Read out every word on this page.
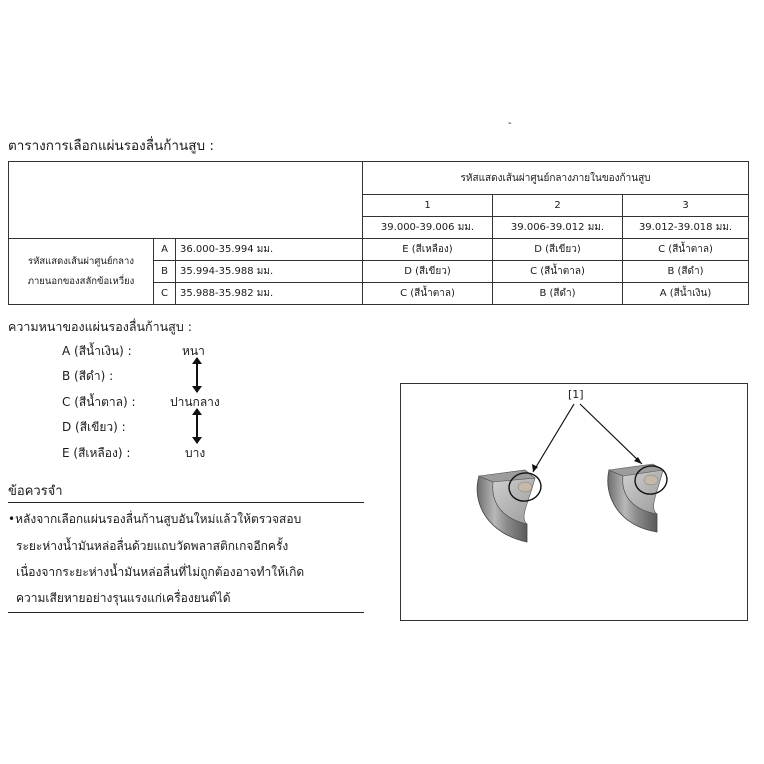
-
ตารางการเลือกแผ่นรองลื่นก้านสูบ :
			รหัสแสดงเส้นผ่าศูนย์กลางภายในของก้านสูบ		
			1	2	3
			39.000-39.006 มม.	39.006-39.012 มม.	39.012-39.018 มม.
รหัสแสดงเส้นผ่าศูนย์กลาง
ภายนอกของสลักข้อเหวี่ยง	A	36.000-35.994 มม.	E (สีเหลือง)	D (สีเขียว)	C (สีน้ำตาล)
	B	35.994-35.988 มม.	D (สีเขียว)	C (สีน้ำตาล)	B (สีดำ)
	C	35.988-35.982 มม.	C (สีน้ำตาล)	B (สีดำ)	A (สีน้ำเงิน)
ความหนาของแผ่นรองลื่นก้านสูบ :
A (สีน้ำเงิน) :
B (สีดำ) :
C (สีน้ำตาล) :
D (สีเขียว) :
E (สีเหลือง) :
หนา
ปานกลาง
บาง
ข้อควรจำ
•หลังจากเลือกแผ่นรองลื่นก้านสูบอันใหม่แล้วให้ตรวจสอบ
ระยะห่างน้ำมันหล่อลื่นด้วยแถบวัดพลาสติกเกจอีกครั้ง
เนื่องจากระยะห่างน้ำมันหล่อลื่นที่ไม่ถูกต้องอาจทำให้เกิด
ความเสียหายอย่างรุนแรงแก่เครื่องยนต์ได้
[1]
